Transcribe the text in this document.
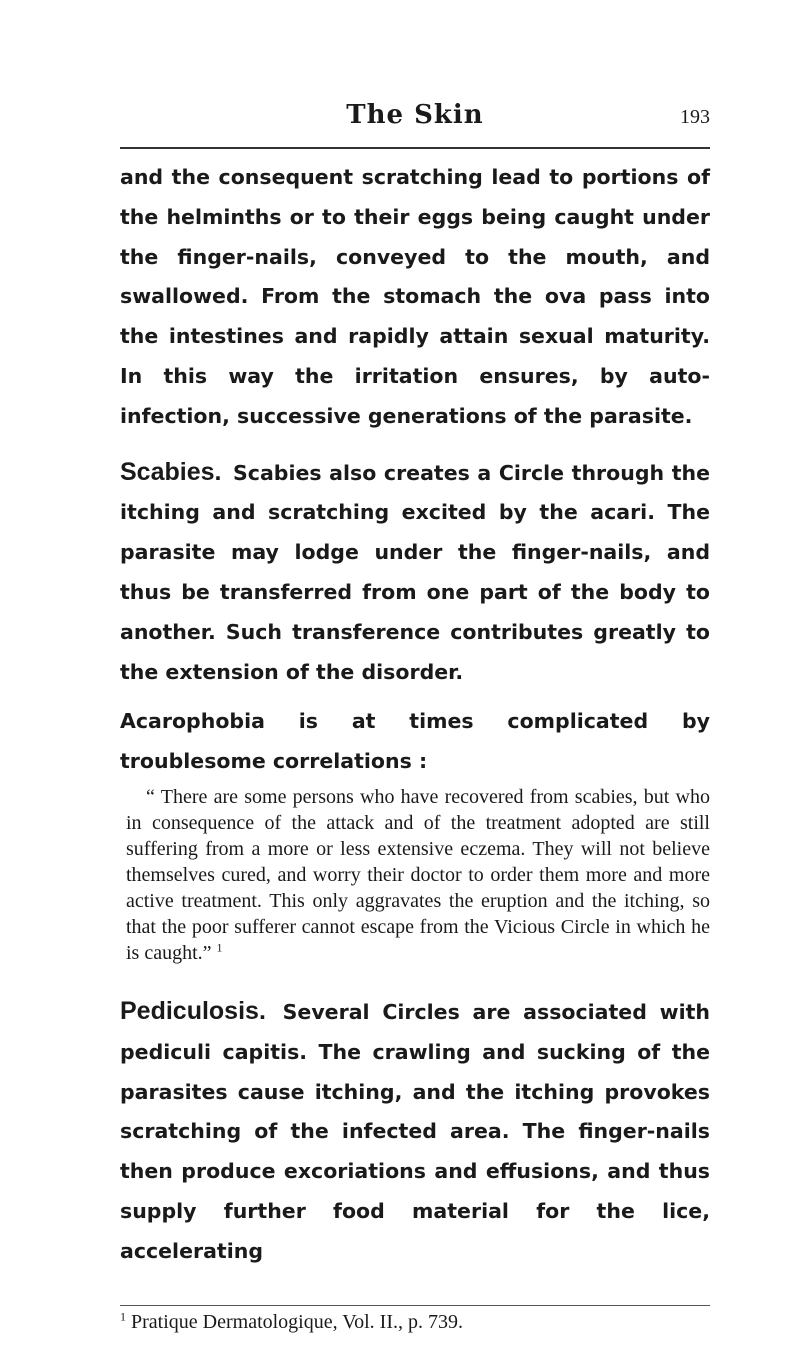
The Skin	193

and the consequent scratching lead to portions of the helminths or to their eggs being caught under the finger-nails, conveyed to the mouth, and swallowed. From the stomach the ova pass into the intestines and rapidly attain sexual maturity. In this way the irritation ensures, by auto-infection, successive generations of the parasite.

Scabies. Scabies also creates a Circle through the itching and scratching excited by the acari. The parasite may lodge under the finger-nails, and thus be transferred from one part of the body to another. Such transference contributes greatly to the extension of the disorder.

Acarophobia is at times complicated by troublesome correlations :

“ There are some persons who have recovered from scabies, but who in consequence of the attack and of the treatment adopted are still suffering from a more or less extensive eczema. They will not believe themselves cured, and worry their doctor to order them more and more active treatment. This only aggravates the eruption and the itching, so that the poor sufferer cannot escape from the Vicious Circle in which he is caught.” $^1$

Pediculosis. Several Circles are associated with pediculi capitis. The crawling and sucking of the parasites cause itching, and the itching provokes scratching of the infected area. The finger-nails then produce excoriations and effusions, and thus supply further food material for the lice, accelerating

$^1$ Pratique Dermatologique, Vol. II., p. 739.
